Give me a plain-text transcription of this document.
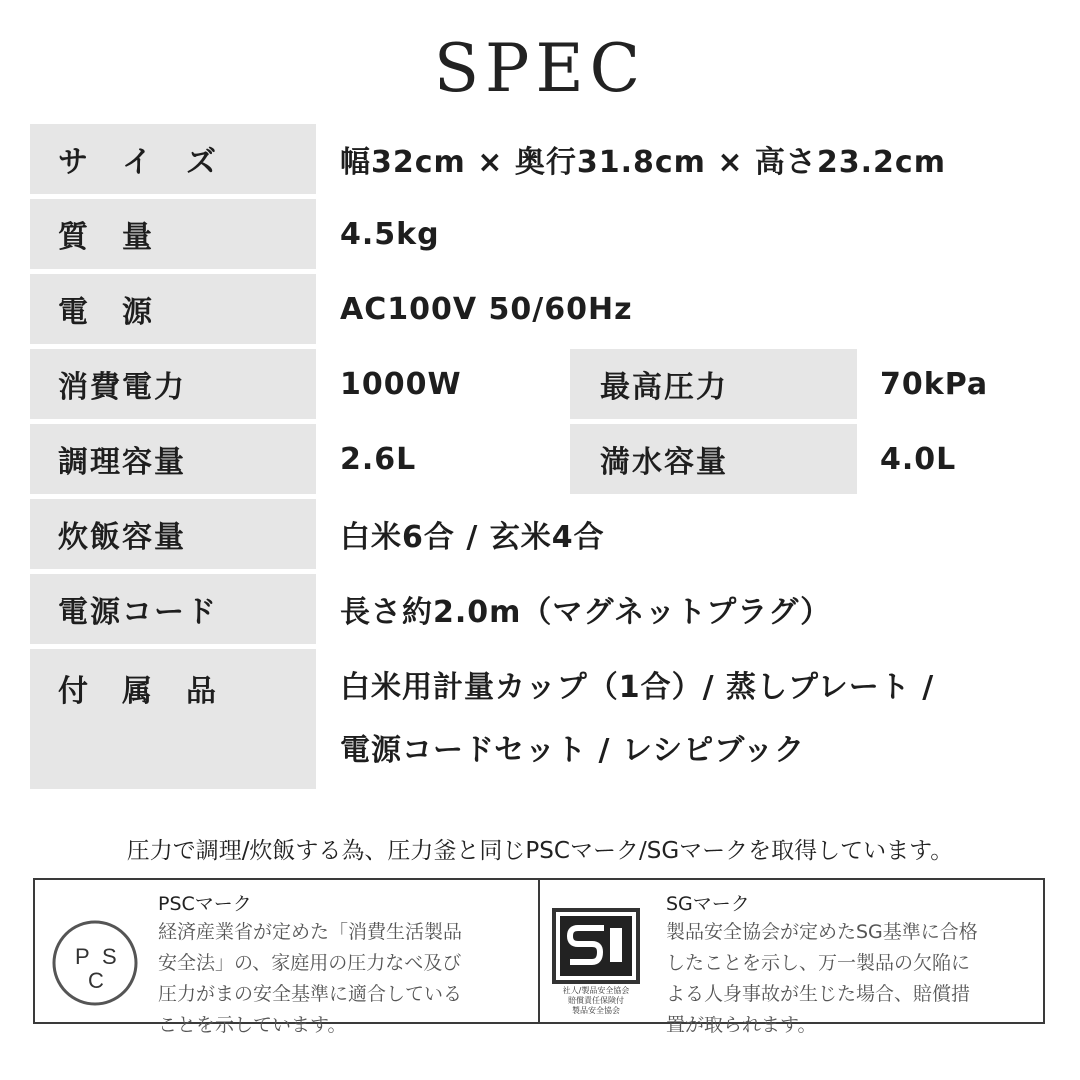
SPEC
サ　イ　ズ	幅32cm × 奥行31.8cm × 高さ23.2cm
質　量	4.5kg
電　源	AC100V 50/60Hz
消費電力	1000W	最高圧力	70kPa
調理容量	2.6L	満水容量	4.0L
炊飯容量	白米6合 / 玄米4合
電源コード	長さ約2.0m（マグネットプラグ）
付　属　品	白米用計量カップ（1合）/ 蒸しプレート /
電源コードセット / レシピブック
圧力で調理/炊飯する為、圧力釜と同じPSCマーク/SGマークを取得しています。
P S
C
PSCマーク
経済産業省が定めた「消費生活製品
安全法」の、家庭用の圧力なべ及び
圧力がまの安全基準に適合している
ことを示しています。
社人/製品安全協会
賠償責任保険付
製品安全協会
SGマーク
製品安全協会が定めたSG基準に合格
したことを示し、万一製品の欠陥に
よる人身事故が生じた場合、賠償措
置が取られます。
